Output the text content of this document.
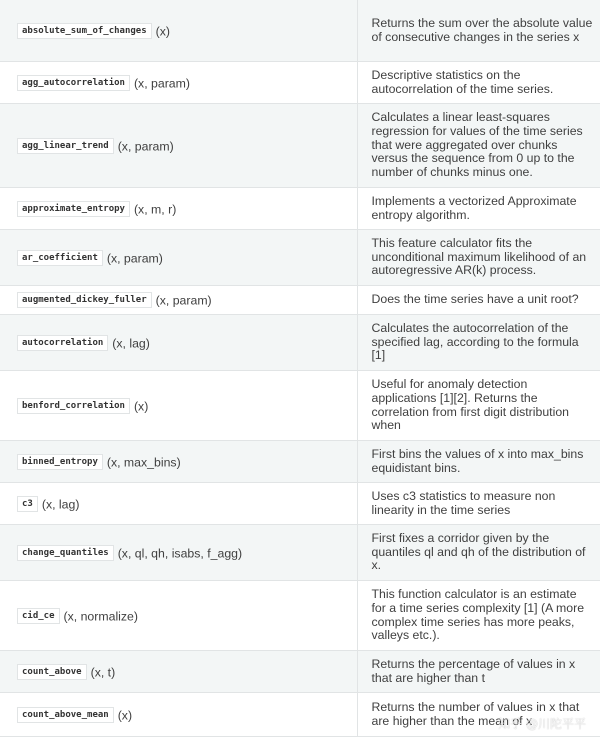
absolute_sum_of_changes (x)	Returns the sum over the absolute value of consecutive changes in the series x
agg_autocorrelation (x, param)	Descriptive statistics on the autocorrelation of the time series.
agg_linear_trend (x, param)	Calculates a linear least-squares regression for values of the time series that were aggregated over chunks versus the sequence from 0 up to the number of chunks minus one.
approximate_entropy (x, m, r)	Implements a vectorized Approximate entropy algorithm.
ar_coefficient (x, param)	This feature calculator fits the unconditional maximum likelihood of an autoregressive AR(k) process.
augmented_dickey_fuller (x, param)	Does the time series have a unit root?
autocorrelation (x, lag)	Calculates the autocorrelation of the specified lag, according to the formula [1]
benford_correlation (x)	Useful for anomaly detection applications [1][2]. Returns the correlation from first digit distribution when
binned_entropy (x, max_bins)	First bins the values of x into max_bins equidistant bins.
c3 (x, lag)	Uses c3 statistics to measure non linearity in the time series
change_quantiles (x, ql, qh, isabs, f_agg)	First fixes a corridor given by the quantiles ql and qh of the distribution of x.
cid_ce (x, normalize)	This function calculator is an estimate for a time series complexity [1] (A more complex time series has more peaks, valleys etc.).
count_above (x, t)	Returns the percentage of values in x that are higher than t
count_above_mean (x)	Returns the number of values in x that are higher than the mean of x
知乎 @川陀平平
